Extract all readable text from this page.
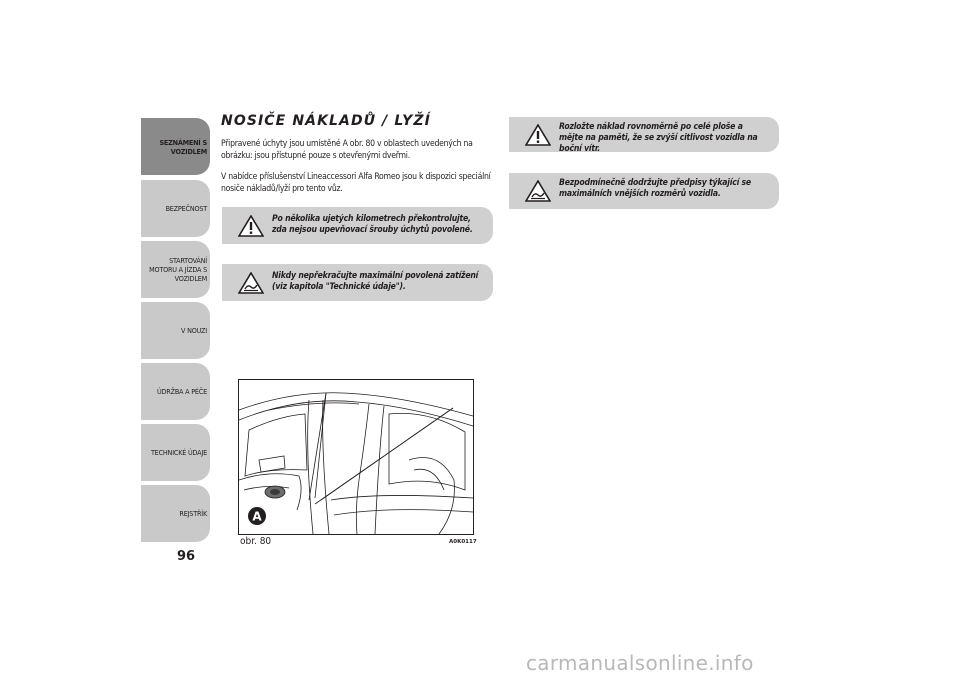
SEZNÁMENÍ S
VOZIDLEM
BEZPEČNOST
STARTOVÁNÍ
MOTORU A JÍZDA S
VOZIDLEM
V NOUZI
ÚDRŽBA A PÉČE
TECHNICKÉ ÚDAJE
REJSTŘÍK
96
NOSIČE NÁKLADŮ / LYŽÍ
Připravené úchyty jsou umístěné A obr. 80 v oblastech uvedených na obrázku: jsou přístupné pouze s otevřenými dveřmi.
V nabídce příslušenství Lineaccessori Alfa Romeo jsou k dispozici speciální nosiče nákladů/lyží pro tento vůz.
Po několika ujetých kilometrech překontrolujte, zda nejsou upevňovací šrouby úchytů povolené.
Nikdy nepřekračujte maximální povolená zatížení (viz kapitola "Technické údaje").
Rozložte náklad rovnoměrně po celé ploše a mějte na paměti, že se zvýší citlivost vozidla na boční vítr.
Bezpodmínečně dodržujte předpisy týkající se maximálních vnějších rozměrů vozidla.
A
obr. 80	A0K0117
carmanualsonline.info
